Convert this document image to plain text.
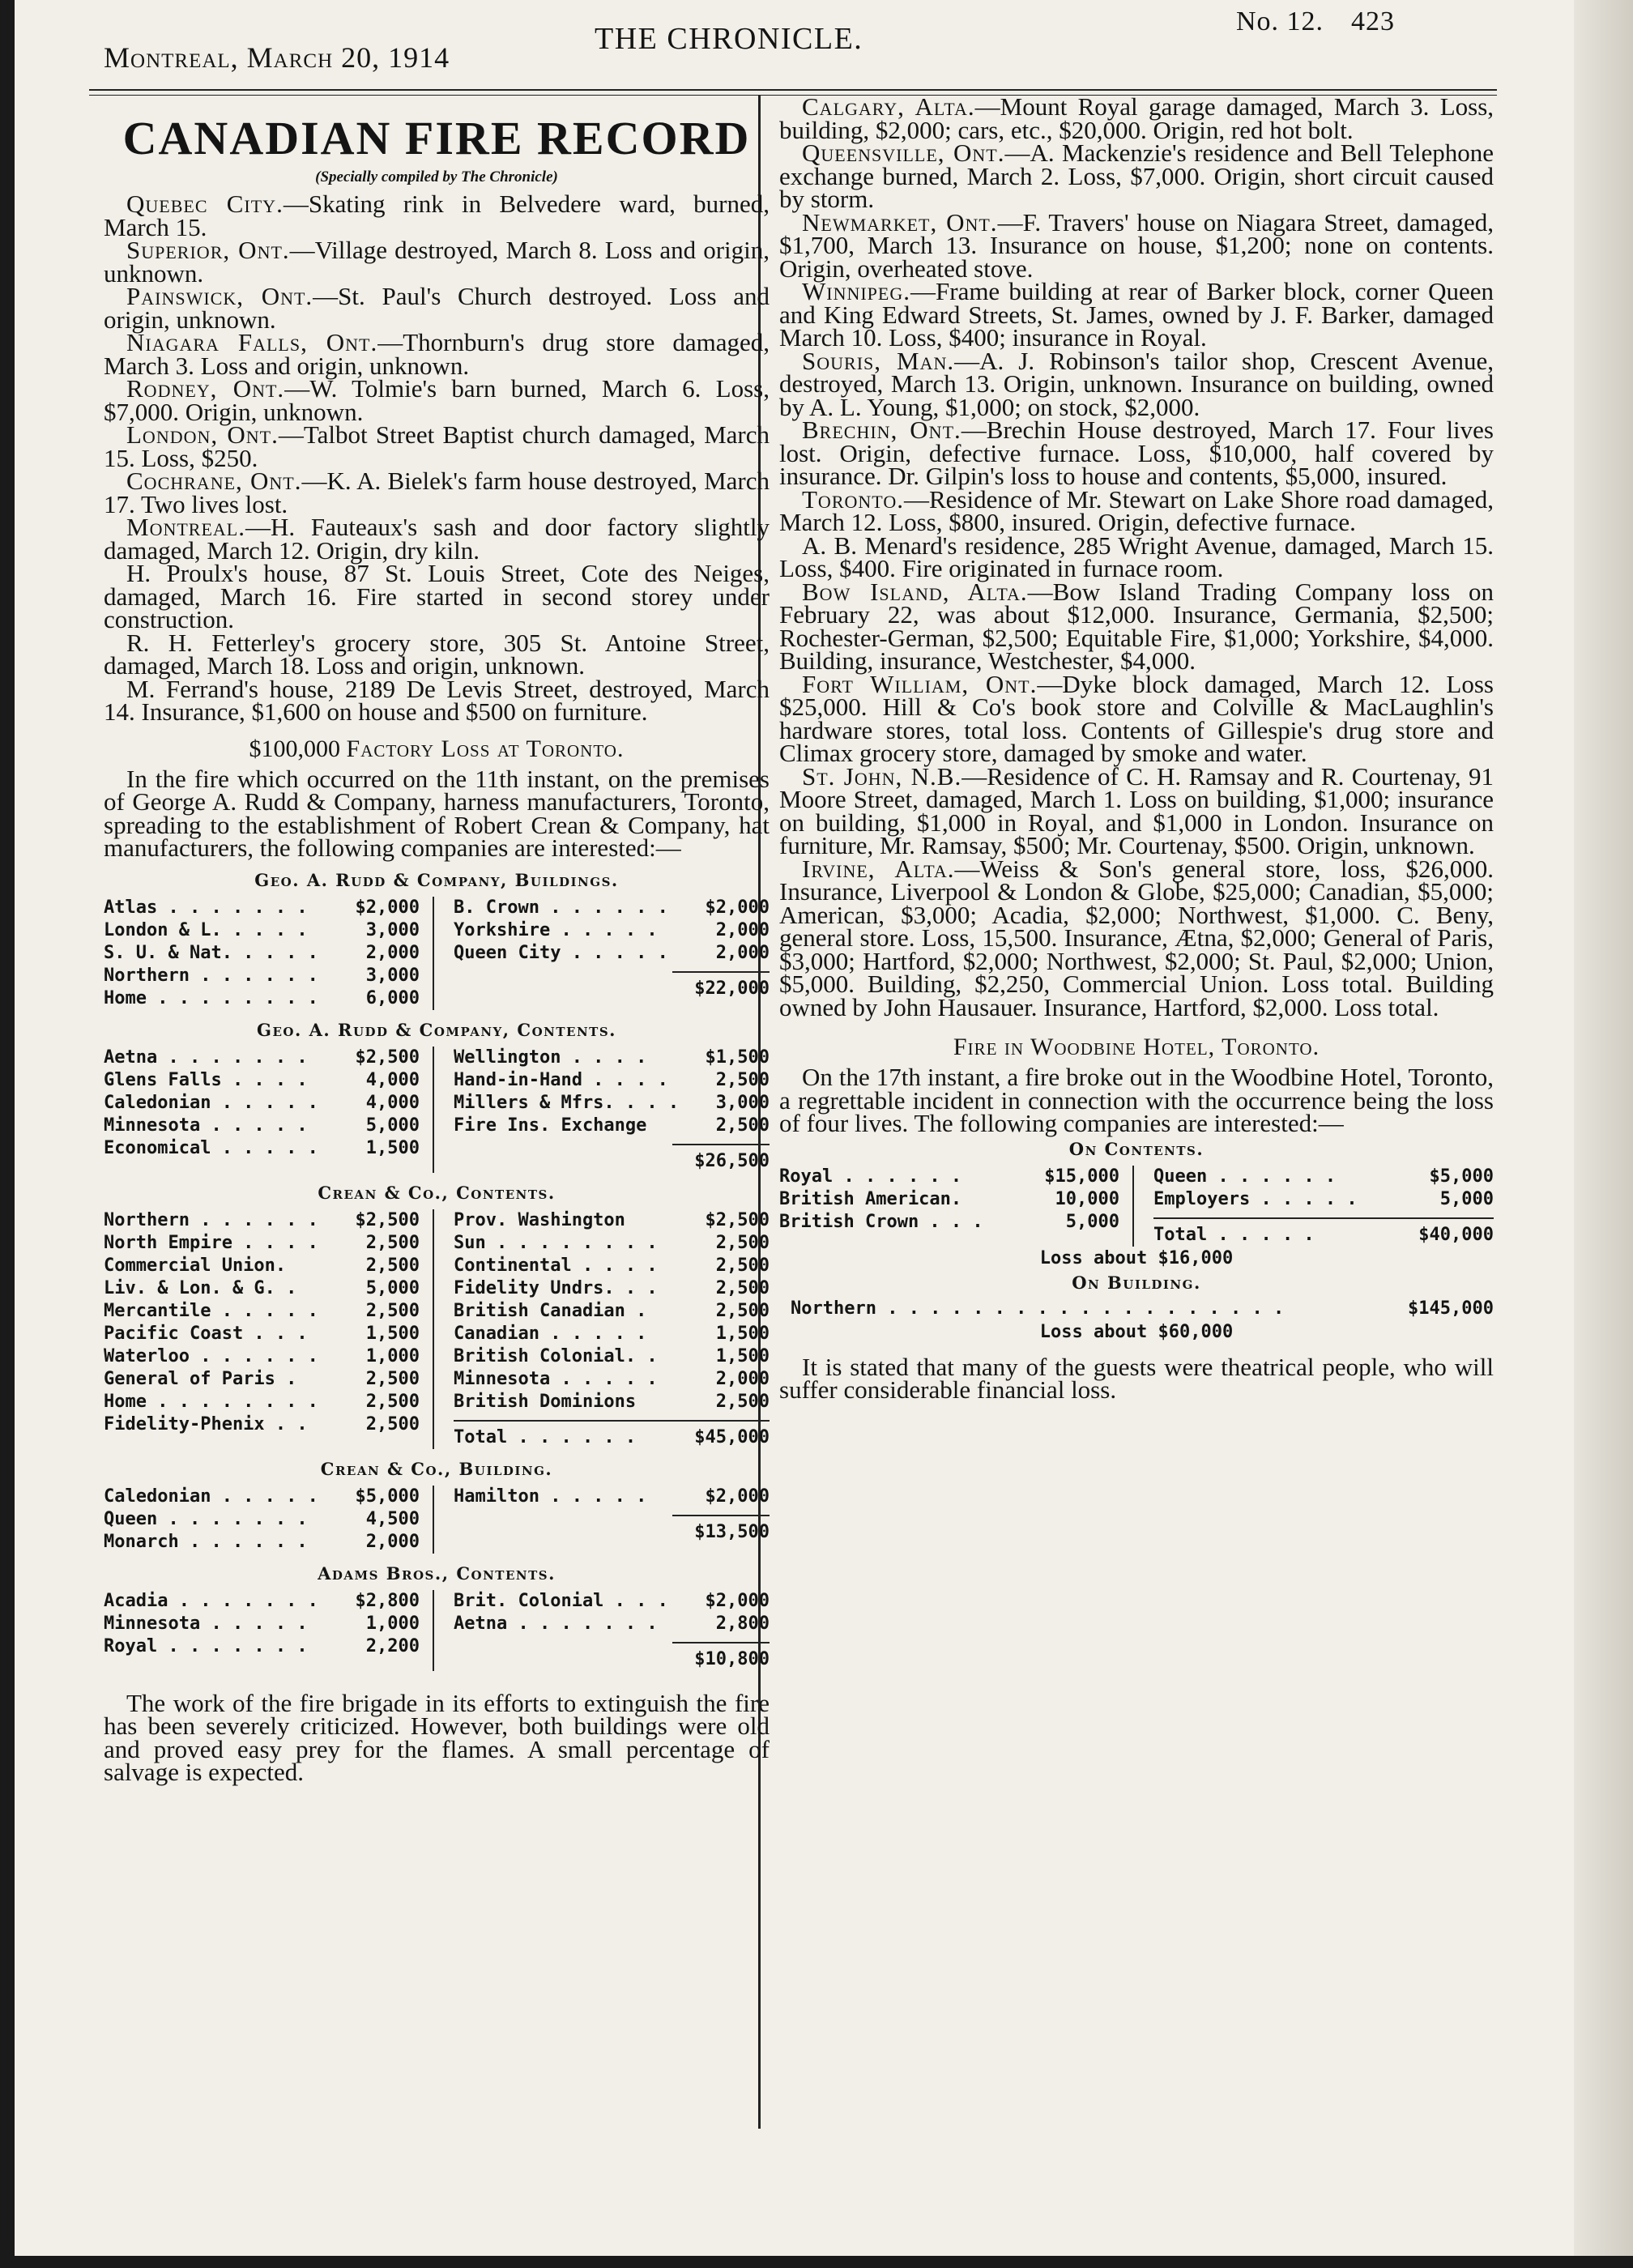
No. 12. 423
Montreal, March 20, 1914
THE CHRONICLE.
CANADIAN FIRE RECORD
(Specially compiled by The Chronicle)

Quebec City.—Skating rink in Belvedere ward, burned, March 15.

Superior, Ont.—Village destroyed, March 8. Loss and origin, unknown.

Painswick, Ont.—St. Paul's Church destroyed. Loss and origin, unknown.

Niagara Falls, Ont.—Thornburn's drug store damaged, March 3. Loss and origin, unknown.

Rodney, Ont.—W. Tolmie's barn burned, March 6. Loss, $7,000. Origin, unknown.

London, Ont.—Talbot Street Baptist church damaged, March 15. Loss, $250.

Cochrane, Ont.—K. A. Bielek's farm house destroyed, March 17. Two lives lost.

Montreal.—H. Fauteaux's sash and door factory slightly damaged, March 12. Origin, dry kiln.

H. Proulx's house, 87 St. Louis Street, Cote des Neiges, damaged, March 16. Fire started in second storey under construction.

R. H. Fetterley's grocery store, 305 St. Antoine Street, damaged, March 18. Loss and origin, unknown.

M. Ferrand's house, 2189 De Levis Street, destroyed, March 14. Insurance, $1,600 on house and $500 on furniture.

$100,000 Factory Loss at Toronto.

In the fire which occurred on the 11th instant, on the premises of George A. Rudd & Company, harness manufacturers, Toronto, spreading to the establishment of Robert Crean & Company, hat manufacturers, the following companies are interested:—

Geo. A. Rudd & Company, Buildings.
Atlas . . . . . . .	$2,000
London & L. . . . .	3,000
S. U. & Nat. . . . .	2,000
Northern . . . . . .	3,000
Home . . . . . . . .	6,000
B. Crown . . . . . . $2,000
Yorkshire . . . . .	2,000
Queen City . . . . .	2,000
$22,000
Geo. A. Rudd & Company, Contents.
Aetna . . . . . . .	$2,500
Glens Falls . . . .	4,000
Caledonian . . . . .	4,000
Minnesota . . . . .	5,000
Economical . . . . .	1,500
Wellington . . . .	$1,500
Hand-in-Hand . . . .	2,500
Millers & Mfrs. . . . 3,000
Fire Ins. Exchange	2,500
$26,500
Crean & Co., Contents.
Northern . . . . . . $2,500
North Empire . . . .	2,500
Commercial Union.	2,500
Liv. & Lon. & G. .	5,000
Mercantile . . . . .	2,500
Pacific Coast . . .	1,500
Waterloo . . . . . .	1,000
General of Paris .	2,500
Home . . . . . . . .	2,500
Fidelity-Phenix . .	2,500
Prov. Washington	$2,500
Sun . . . . . . . .	2,500
Continental . . . .	2,500
Fidelity Undrs. . .	2,500
British Canadian .	2,500
Canadian . . . . .	1,500
British Colonial. .	1,500
Minnesota . . . . .	2,000
British Dominions	2,500
Total . . . . . .	$45,000
Crean & Co., Building.
Caledonian . . . . . $5,000
Queen . . . . . . .	4,500
Monarch . . . . . .	2,000
Hamilton . . . . .	$2,000
$13,500
Adams Bros., Contents.
Acadia . . . . . . . $2,800
Minnesota . . . . .	1,000
Royal . . . . . . .	2,200
Brit. Colonial . . . $2,000
Aetna . . . . . . .	2,800
$10,800

The work of the fire brigade in its efforts to extinguish the fire has been severely criticized. However, both buildings were old and proved easy prey for the flames. A small percentage of salvage is expected.

Calgary, Alta.—Mount Royal garage damaged, March 3. Loss, building, $2,000; cars, etc., $20,000. Origin, red hot bolt.

Queensville, Ont.—A. Mackenzie's residence and Bell Telephone exchange burned, March 2. Loss, $7,000. Origin, short circuit caused by storm.

Newmarket, Ont.—F. Travers' house on Niagara Street, damaged, $1,700, March 13. Insurance on house, $1,200; none on contents. Origin, overheated stove.

Winnipeg.—Frame building at rear of Barker block, corner Queen and King Edward Streets, St. James, owned by J. F. Barker, damaged March 10. Loss, $400; insurance in Royal.

Souris, Man.—A. J. Robinson's tailor shop, Crescent Avenue, destroyed, March 13. Origin, unknown. Insurance on building, owned by A. L. Young, $1,000; on stock, $2,000.

Brechin, Ont.—Brechin House destroyed, March 17. Four lives lost. Origin, defective furnace. Loss, $10,000, half covered by insurance. Dr. Gilpin's loss to house and contents, $5,000, insured.

Toronto.—Residence of Mr. Stewart on Lake Shore road damaged, March 12. Loss, $800, insured. Origin, defective furnace.

A. B. Menard's residence, 285 Wright Avenue, damaged, March 15. Loss, $400. Fire originated in furnace room.

Bow Island, Alta.—Bow Island Trading Company loss on February 22, was about $12,000. Insurance, Germania, $2,500; Rochester-German, $2,500; Equitable Fire, $1,000; Yorkshire, $4,000. Building, insurance, Westchester, $4,000.

Fort William, Ont.—Dyke block damaged, March 12. Loss $25,000. Hill & Co's book store and Colville & MacLaughlin's hardware stores, total loss. Contents of Gillespie's drug store and Climax grocery store, damaged by smoke and water.

St. John, N.B.—Residence of C. H. Ramsay and R. Courtenay, 91 Moore Street, damaged, March 1. Loss on building, $1,000; insurance on building, $1,000 in Royal, and $1,000 in London. Insurance on furniture, Mr. Ramsay, $500; Mr. Courtenay, $500. Origin, unknown.

Irvine, Alta.—Weiss & Son's general store, loss, $26,000. Insurance, Liverpool & London & Globe, $25,000; Canadian, $5,000; American, $3,000; Acadia, $2,000; Northwest, $1,000. C. Beny, general store. Loss, 15,500. Insurance, Ætna, $2,000; General of Paris, $3,000; Hartford, $2,000; Northwest, $2,000; St. Paul, $2,000; Union, $5,000. Building, $2,250, Commercial Union. Loss total. Building owned by John Hausauer. Insurance, Hartford, $2,000. Loss total.

Fire in Woodbine Hotel, Toronto.

On the 17th instant, a fire broke out in the Woodbine Hotel, Toronto, a regrettable incident in connection with the occurrence being the loss of four lives. The following companies are interested:—

On Contents.
Royal . . . . . .	$15,000
British American.	10,000
British Crown . . .	5,000
Queen . . . . . .	$5,000
Employers . . . . .	5,000
Total . . . . .	$40,000
Loss about $16,000
On Building.
Northern . . . . . . . . . . . . . . . . . . .	$145,000
Loss about $60,000

It is stated that many of the guests were theatrical people, who will suffer considerable financial loss.
